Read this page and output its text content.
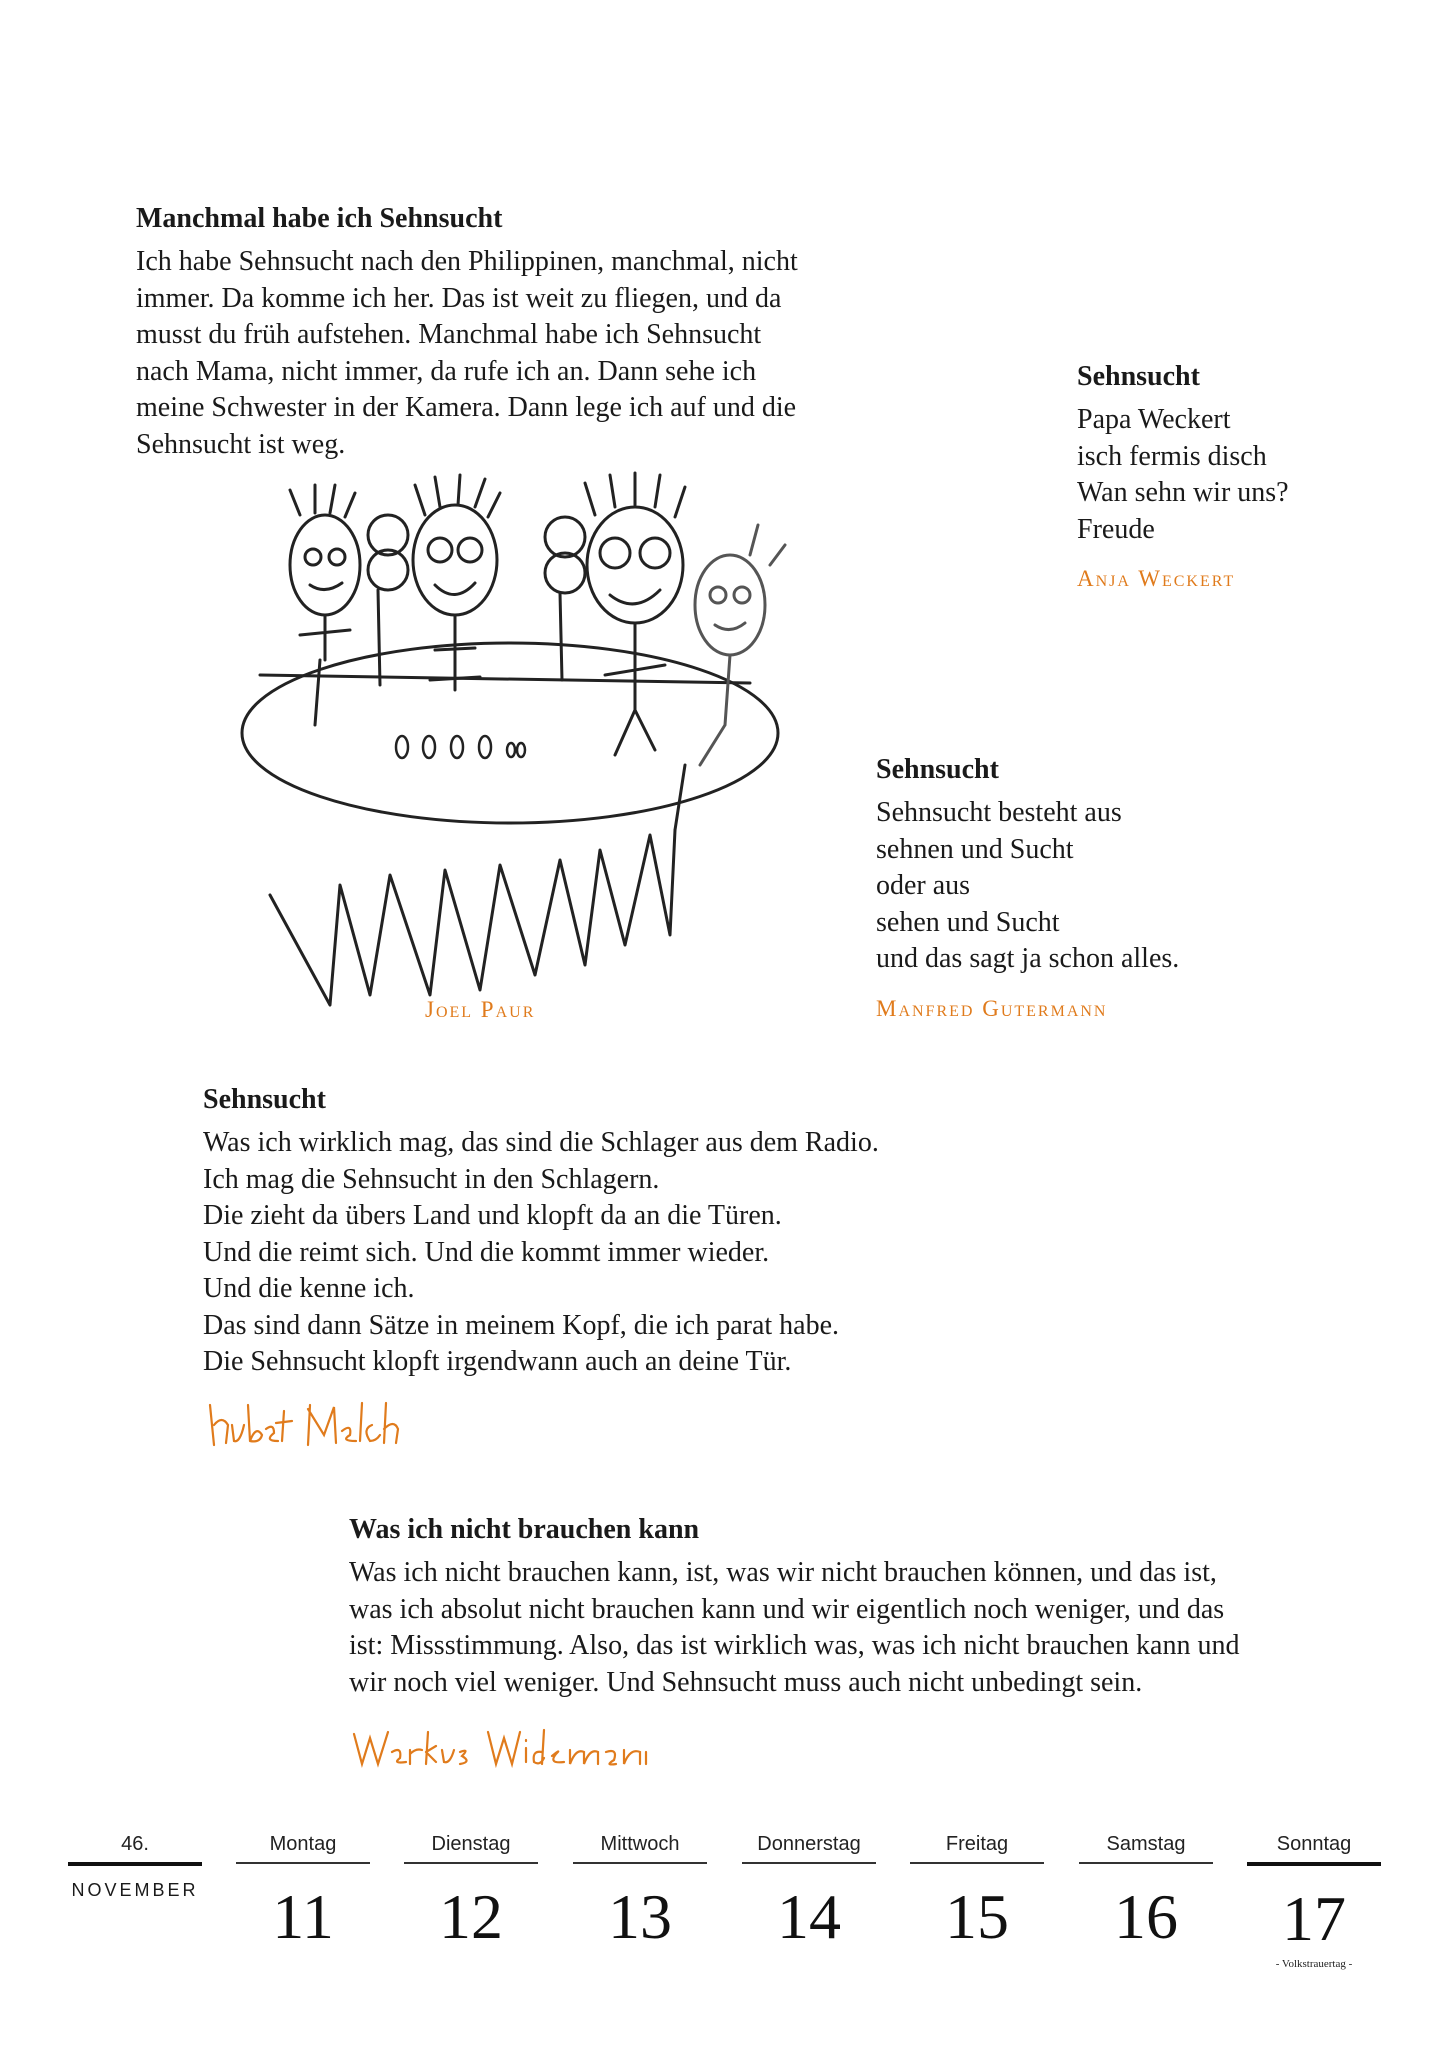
Manchmal habe ich Sehnsucht

Ich habe Sehnsucht nach den Philippinen, manchmal, nicht
immer. Da komme ich her. Das ist weit zu fliegen, und da
musst du früh aufstehen. Manchmal habe ich Sehnsucht
nach Mama, nicht immer, da rufe ich an. Dann sehe ich
meine Schwester in der Kamera. Dann lege ich auf und die
Sehnsucht ist weg.

Joel Paur
Sehnsucht

Papa Weckert
isch fermis disch
Wan sehn wir uns?
Freude

Anja Weckert
Sehnsucht

Sehnsucht besteht aus
sehnen und Sucht
oder aus
sehen und Sucht
und das sagt ja schon alles.

Manfred Gutermann
Sehnsucht

Was ich wirklich mag, das sind die Schlager aus dem Radio.
Ich mag die Sehnsucht in den Schlagern.
Die zieht da übers Land und klopft da an die Türen.
Und die reimt sich. Und die kommt immer wieder.
Und die kenne ich.
Das sind dann Sätze in meinem Kopf, die ich parat habe.
Die Sehnsucht klopft irgendwann auch an deine Tür.

Was ich nicht brauchen kann

Was ich nicht brauchen kann, ist, was wir nicht brauchen können, und das ist,
was ich absolut nicht brauchen kann und wir eigentlich noch weniger, und das
ist: Missstimmung. Also, das ist wirklich was, was ich nicht brauchen kann und
wir noch viel weniger. Und Sehnsucht muss auch nicht unbedingt sein.

46.
NOVEMBER
Montag
11
Dienstag
12
Mittwoch
13
Donnerstag
14
Freitag
15
Samstag
16
Sonntag
17
- Volkstrauertag -
